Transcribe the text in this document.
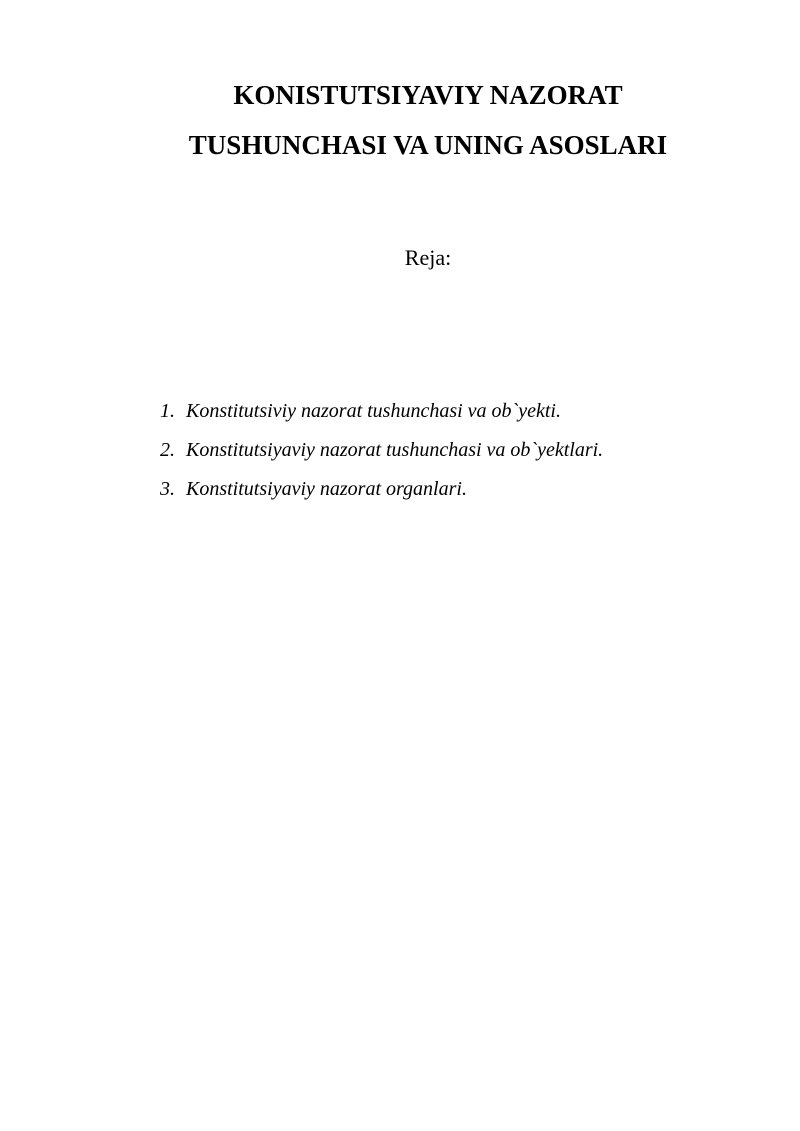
KONISTUTSIYAVIY NAZORAT
TUSHUNCHASI VA UNING ASOSLARI
Reja:
1. Konstitutsiviy nazorat tushunchasi va ob`yekti.
2. Konstitutsiyaviy nazorat tushunchasi va ob`yektlari.
3. Konstitutsiyaviy nazorat organlari.
